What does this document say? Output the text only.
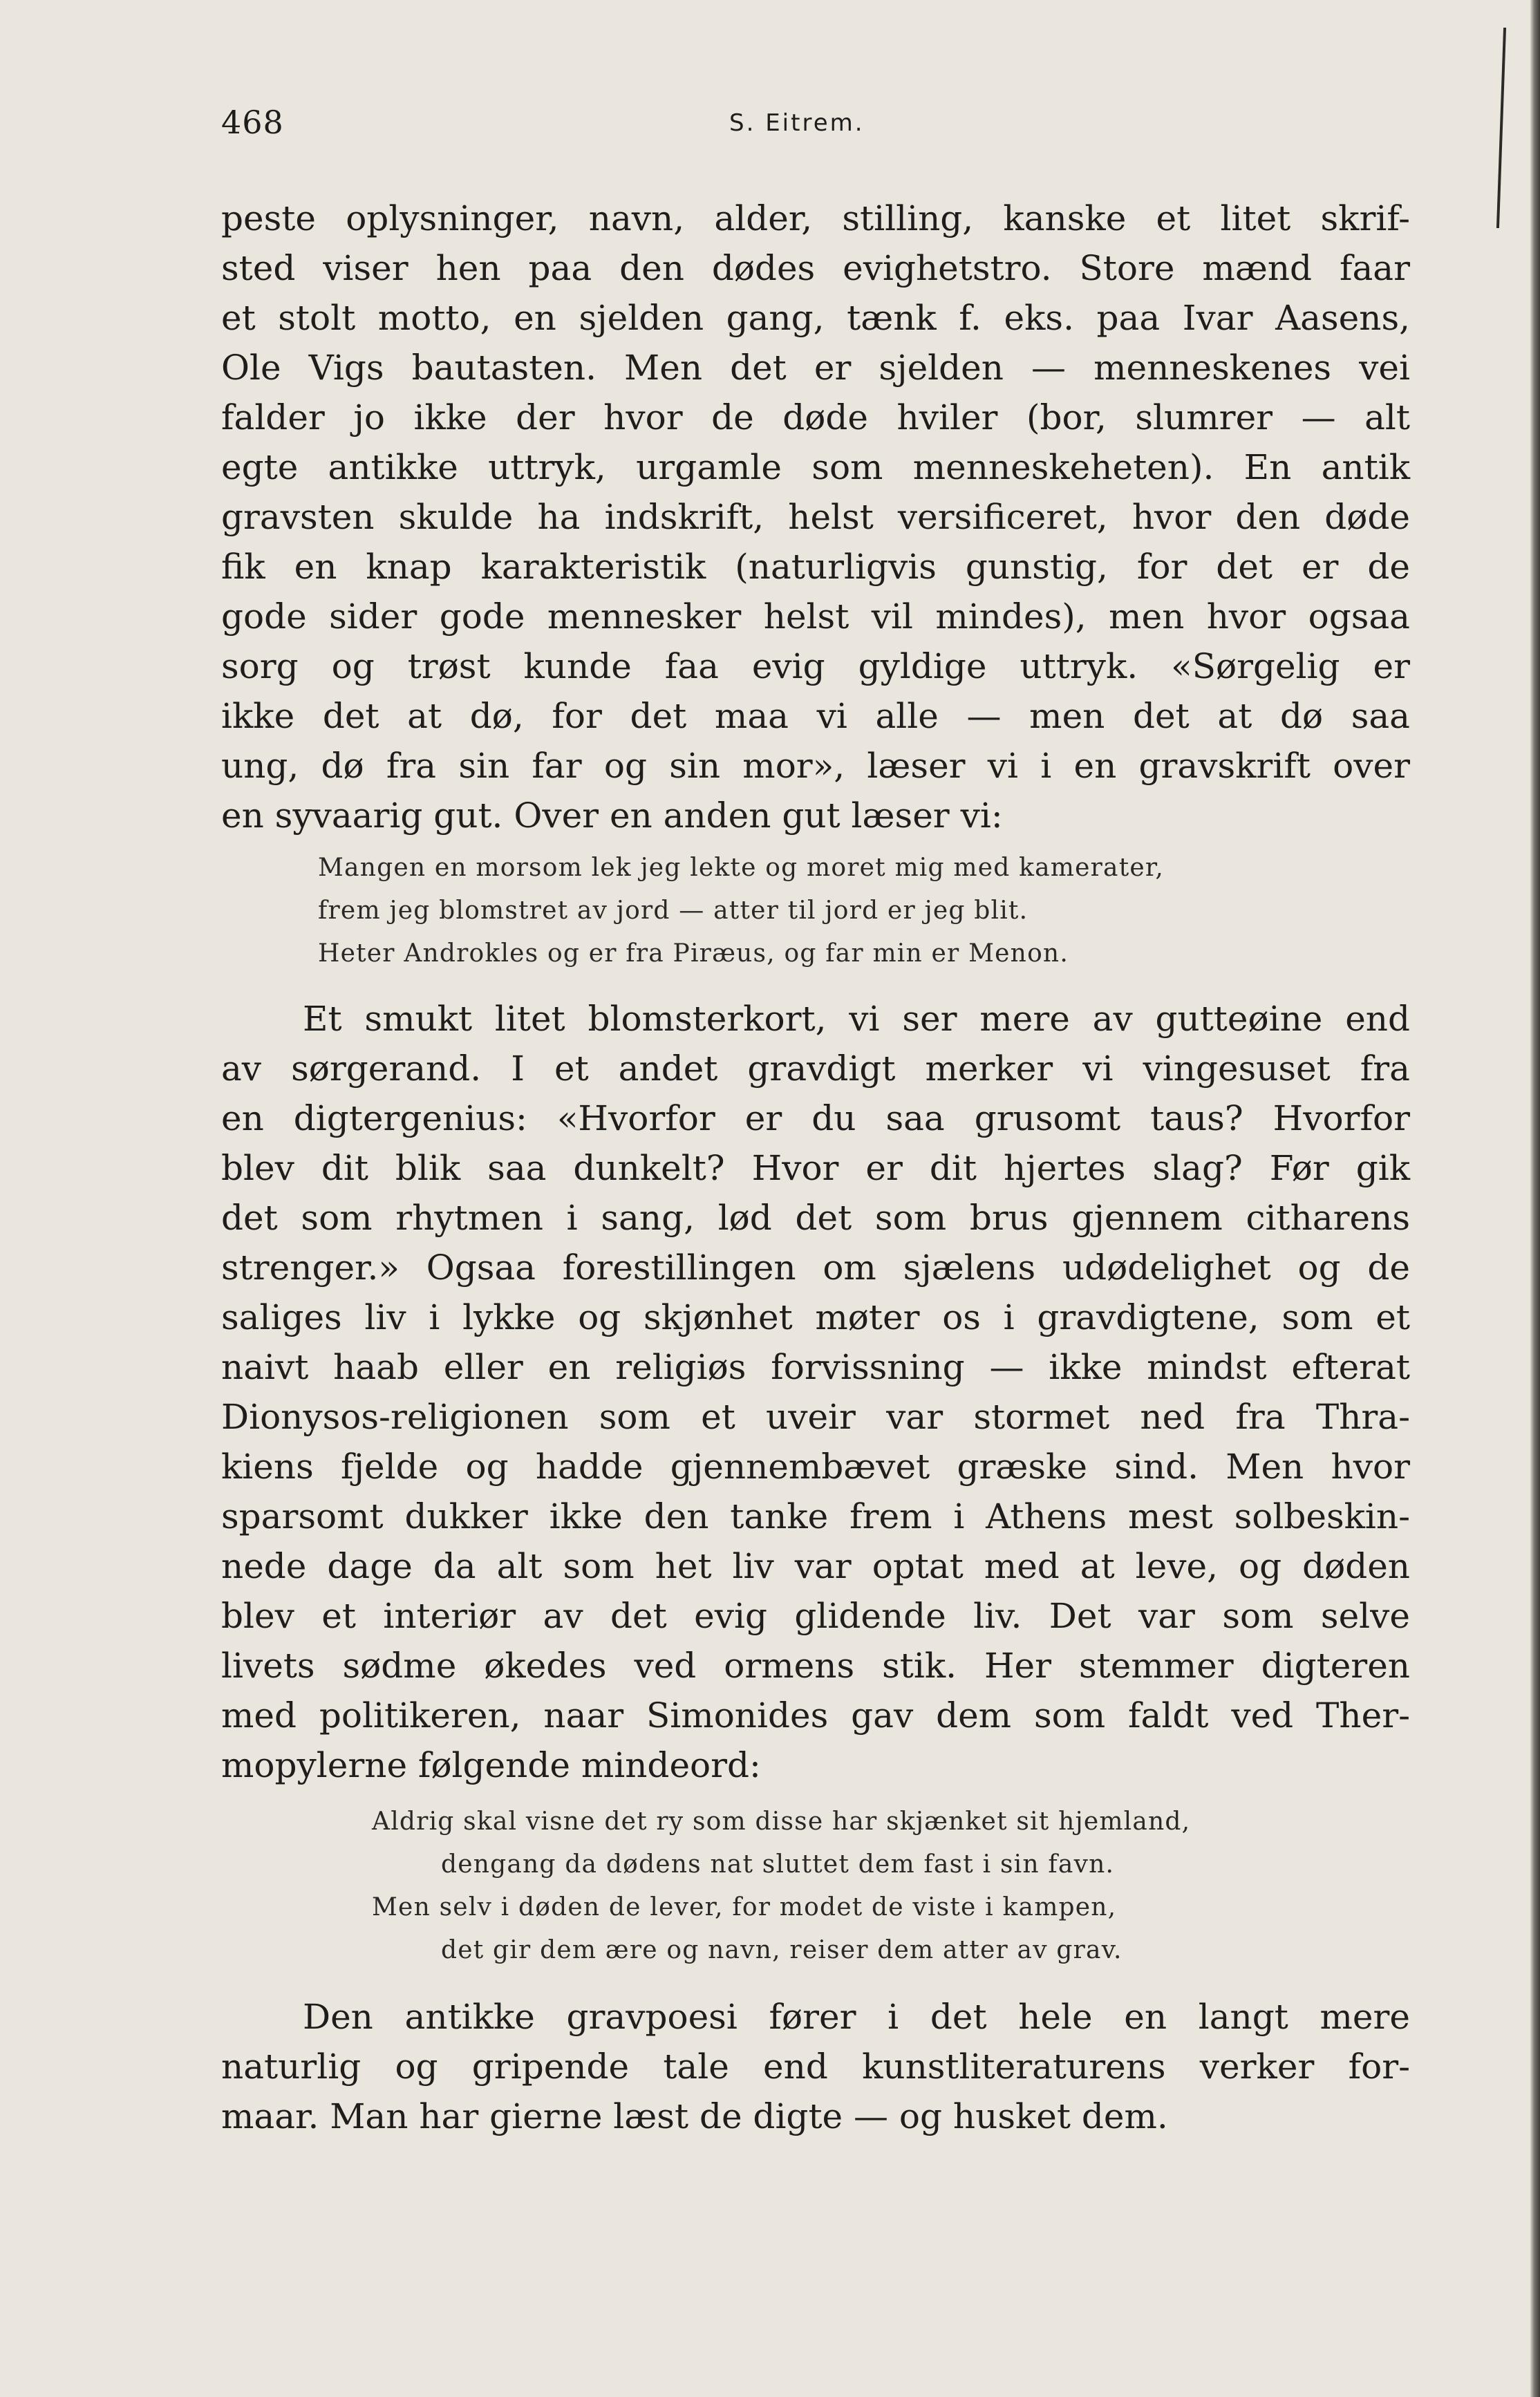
468	S. Eitrem.

peste oplysninger, navn, alder, stilling, kanske et litet skrif-
sted viser hen paa den dødes evighetstro. Store mænd faar
et stolt motto, en sjelden gang, tænk f. eks. paa Ivar Aasens,
Ole Vigs bautasten. Men det er sjelden — menneskenes vei
falder jo ikke der hvor de døde hviler (bor, slumrer — alt
egte antikke uttryk, urgamle som menneskeheten). En antik
gravsten skulde ha indskrift, helst versificeret, hvor den døde
fik en knap karakteristik (naturligvis gunstig, for det er de
gode sider gode mennesker helst vil mindes), men hvor ogsaa
sorg og trøst kunde faa evig gyldige uttryk. «Sørgelig er
ikke det at dø, for det maa vi alle — men det at dø saa
ung, dø fra sin far og sin mor», læser vi i en gravskrift over
en syvaarig gut. Over en anden gut læser vi:

Mangen en morsom lek jeg lekte og moret mig med kamerater,
frem jeg blomstret av jord — atter til jord er jeg blit.
Heter Androkles og er fra Piræus, og far min er Menon.

Et smukt litet blomsterkort, vi ser mere av gutteøine end
av sørgerand. I et andet gravdigt merker vi vingesuset fra
en digtergenius: «Hvorfor er du saa grusomt taus? Hvorfor
blev dit blik saa dunkelt? Hvor er dit hjertes slag? Før gik
det som rhytmen i sang, lød det som brus gjennem citharens
strenger.» Ogsaa forestillingen om sjælens udødelighet og de
saliges liv i lykke og skjønhet møter os i gravdigtene, som et
naivt haab eller en religiøs forvissning — ikke mindst efterat
Dionysos-religionen som et uveir var stormet ned fra Thra-
kiens fjelde og hadde gjennembævet græske sind. Men hvor
sparsomt dukker ikke den tanke frem i Athens mest solbeskin-
nede dage da alt som het liv var optat med at leve, og døden
blev et interiør av det evig glidende liv. Det var som selve
livets sødme økedes ved ormens stik. Her stemmer digteren
med politikeren, naar Simonides gav dem som faldt ved Ther-
mopylerne følgende mindeord:

Aldrig skal visne det ry som disse har skjænket sit hjemland,
dengang da dødens nat sluttet dem fast i sin favn.
Men selv i døden de lever, for modet de viste i kampen,
det gir dem ære og navn, reiser dem atter av grav.

Den antikke gravpoesi fører i det hele en langt mere
naturlig og gripende tale end kunstliteraturens verker for-
maar. Man har gierne læst de digte — og husket dem.
